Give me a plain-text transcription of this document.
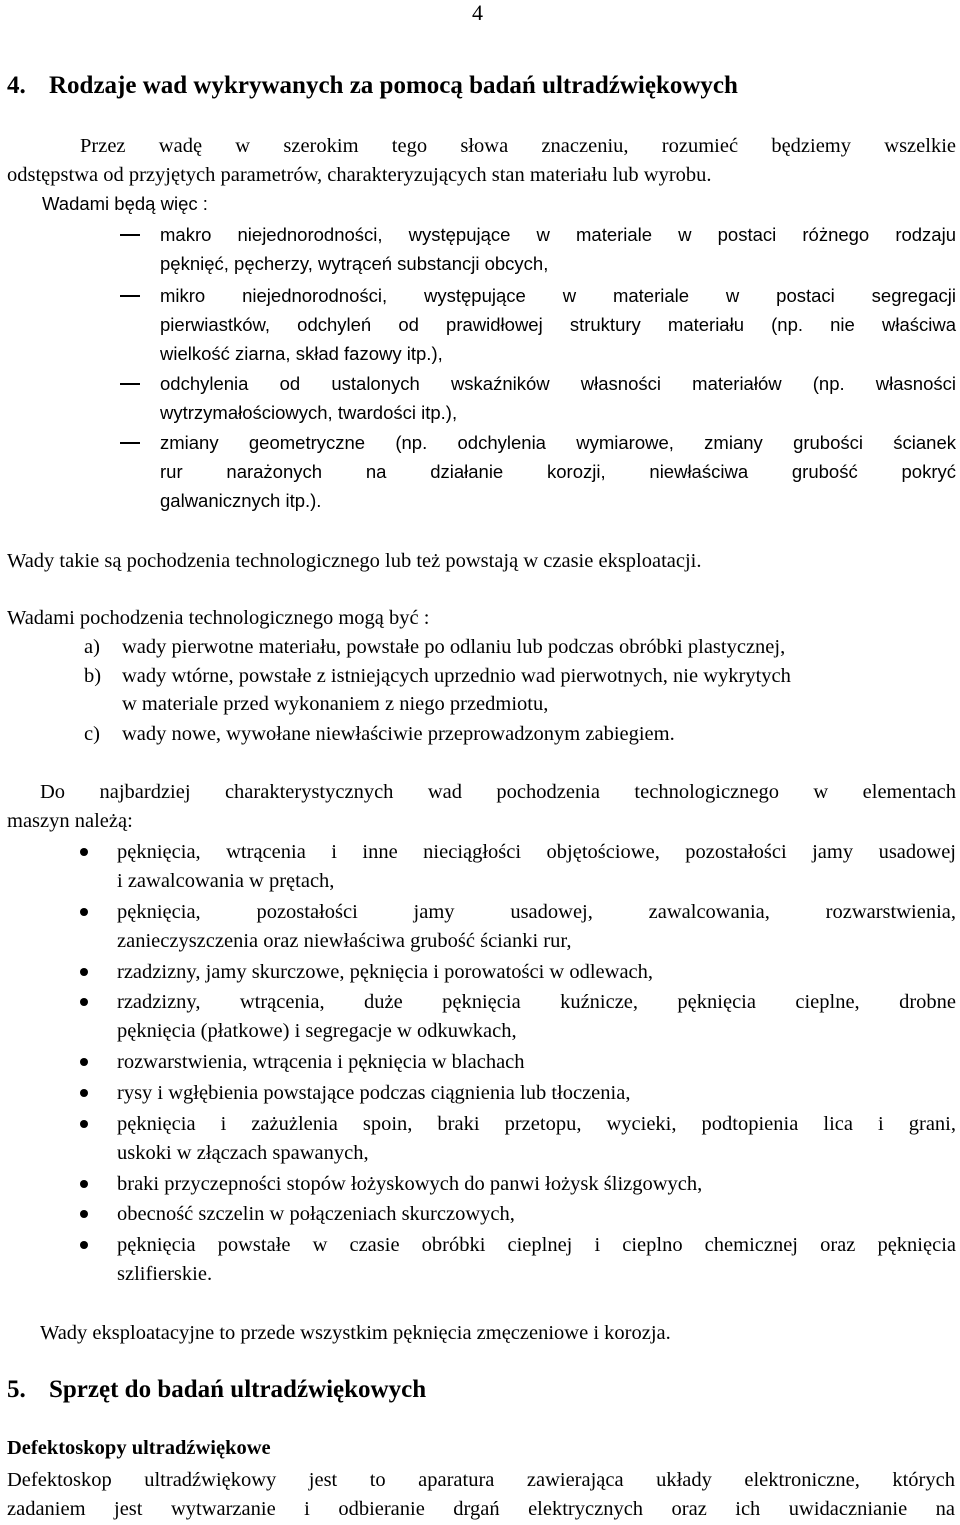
4
4. Rodzaje wad wykrywanych za pomocą badań ultradźwiękowych
Przez wadę w szerokim tego słowa znaczeniu, rozumieć będziemy wszelkie
odstępstwa od przyjętych parametrów, charakteryzujących stan materiału lub wyrobu.
Wadami będą więc :
makro niejednorodności, występujące w materiale w postaci różnego rodzaju
pęknięć, pęcherzy, wytrąceń substancji obcych,
mikro niejednorodności, występujące w materiale w postaci segregacji
pierwiastków, odchyleń od prawidłowej struktury materiału (np. nie właściwa
wielkość ziarna, skład fazowy itp.),
odchylenia od ustalonych wskaźników własności materiałów (np. własności
wytrzymałościowych, twardości itp.),
zmiany geometryczne (np. odchylenia wymiarowe, zmiany grubości ścianek
rur narażonych na działanie korozji, niewłaściwa grubość pokryć
galwanicznych itp.).

Wady takie są pochodzenia technologicznego lub też powstają w czasie eksploatacji.

Wadami pochodzenia technologicznego mogą być :

a) wady pierwotne materiału, powstałe po odlaniu lub podczas obróbki plastycznej,
b) wady wtórne, powstałe z istniejących uprzednio wad pierwotnych, nie wykrytych
w materiale przed wykonaniem z niego przedmiotu,
c) wady nowe, wywołane niewłaściwie przeprowadzonym zabiegiem.
Do najbardziej charakterystycznych wad pochodzenia technologicznego w elementach
maszyn należą:
pęknięcia, wtrącenia i inne nieciągłości objętościowe, pozostałości jamy usadowej
i zawalcowania w prętach,
pęknięcia, pozostałości jamy usadowej, zawalcowania, rozwarstwienia,
zanieczyszczenia oraz niewłaściwa grubość ścianki rur,
rzadzizny, jamy skurczowe, pęknięcia i porowatości w odlewach,
rzadzizny, wtrącenia, duże pęknięcia kuźnicze, pęknięcia cieplne, drobne
pęknięcia (płatkowe) i segregacje w odkuwkach,
rozwarstwienia, wtrącenia i pęknięcia w blachach
rysy i wgłębienia powstające podczas ciągnienia lub tłoczenia,
pęknięcia i zażużlenia spoin, braki przetopu, wycieki, podtopienia lica i grani,
uskoki w złączach spawanych,
braki przyczepności stopów łożyskowych do panwi łożysk ślizgowych,
obecność szczelin w połączeniach skurczowych,
pęknięcia powstałe w czasie obróbki cieplnej i cieplno chemicznej oraz pęknięcia
szlifierskie.
Wady eksploatacyjne to przede wszystkim pęknięcia zmęczeniowe i korozja.
5. Sprzęt do badań ultradźwiękowych
Defektoskopy ultradźwiękowe
Defektoskop ultradźwiękowy jest to aparatura zawierająca układy elektroniczne, których
zadaniem jest wytwarzanie i odbieranie drgań elektrycznych oraz ich uwidacznianie na
